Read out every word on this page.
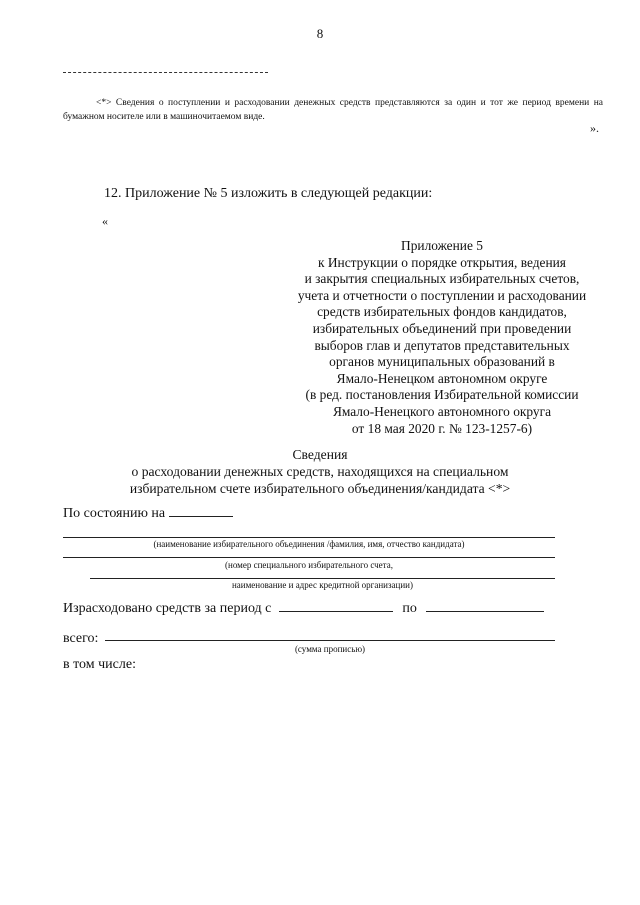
8
<*> Сведения о поступлении и расходовании денежных средств представляются за один и тот же период времени на бумажном носителе или в машиночитаемом виде.
».
12. Приложение № 5 изложить в следующей редакции:
«
Приложение 5
к Инструкции о порядке открытия, ведения
и закрытия специальных избирательных счетов,
учета и отчетности о поступлении и расходовании
средств избирательных фондов кандидатов,
избирательных объединений при проведении
выборов глав и депутатов представительных
органов муниципальных образований в
Ямало-Ненецком автономном округе
(в ред. постановления Избирательной комиссии
Ямало-Ненецкого автономного округа
от 18 мая 2020 г. № 123-1257-6)
Сведения
о расходовании денежных средств, находящихся на специальном
избирательном счете избирательного объединения/кандидата <*>
По состоянию на
(наименование избирательного объединения /фамилия, имя, отчество кандидата)
(номер специального избирательного счета,
наименование и адрес кредитной организации)
Израсходовано средств за период с	по
всего:
(сумма прописью)
в том числе:
